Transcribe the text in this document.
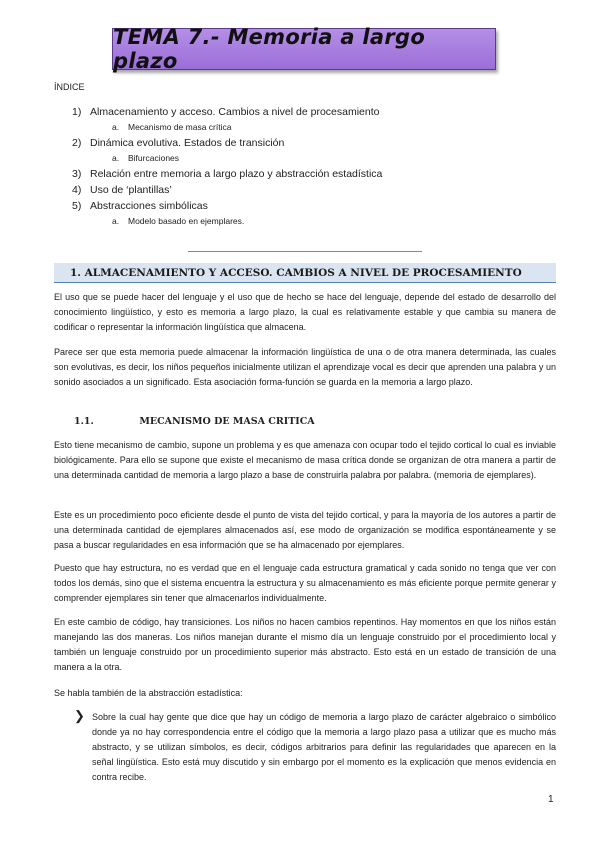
TEMA 7.- Memoria a largo plazo
ÍNDICE
1) Almacenamiento y acceso. Cambios a nivel de procesamiento
a. Mecanismo de masa crítica
2) Dinámica evolutiva. Estados de transición
a. Bifurcaciones
3) Relación entre memoria a largo plazo y abstracción estadística
4) Uso de ‘plantillas’
5) Abstracciones simbólicas
a. Modelo basado en ejemplares.
1. ALMACENAMIENTO Y ACCESO. CAMBIOS A NIVEL DE PROCESAMIENTO

El uso que se puede hacer del lenguaje y el uso que de hecho se hace del lenguaje, depende del estado de desarrollo del conocimiento lingüístico, y esto es memoria a largo plazo, la cual es relativamente estable y que cambia su manera de codificar o representar la información lingüística que almacena.

Parece ser que esta memoria puede almacenar la información lingüística de una o de otra manera determinada, las cuales son evolutivas, es decir, los niños pequeños inicialmente utilizan el aprendizaje vocal es decir que aprenden una palabra y un sonido asociados a un significado. Esta asociación forma-función se guarda en la memoria a largo plazo.

1.1.	MECANISMO DE MASA CRITICA

Esto tiene mecanismo de cambio, supone un problema y es que amenaza con ocupar todo el tejido cortical lo cual es inviable biológicamente. Para ello se supone que existe el mecanismo de masa crítica donde se organizan de otra manera a partir de una determinada cantidad de memoria a largo plazo a base de construirla palabra por palabra. (memoria de ejemplares).

Este es un procedimiento poco eficiente desde el punto de vista del tejido cortical, y para la mayoría de los autores a partir de una determinada cantidad de ejemplares almacenados así, ese modo de organización se modifica espontáneamente y se pasa a buscar regularidades en esa información que se ha almacenado por ejemplares.

Puesto que hay estructura, no es verdad que en el lenguaje cada estructura gramatical y cada sonido no tenga que ver con todos los demás, sino que el sistema encuentra la estructura y su almacenamiento es más eficiente porque permite generar y comprender ejemplares sin tener que almacenarlos individualmente.

En este cambio de código, hay transiciones. Los niños no hacen cambios repentinos. Hay momentos en que los niños están manejando las dos maneras. Los niños manejan durante el mismo día un lenguaje construido por el procedimiento local y también un lenguaje construido por un procedimiento superior más abstracto. Esto está en un estado de transición de una manera a la otra.

Se habla también de la abstracción estadística:

❯ Sobre la cual hay gente que dice que hay un código de memoria a largo plazo de carácter algebraico o simbólico donde ya no hay correspondencia entre el código que la memoria a largo plazo pasa a utilizar que es mucho más abstracto, y se utilizan símbolos, es decir, códigos arbitrarios para definir las regularidades que aparecen en la señal lingüística. Esto está muy discutido y sin embargo por el momento es la explicación que menos evidencia en contra recibe.

1
